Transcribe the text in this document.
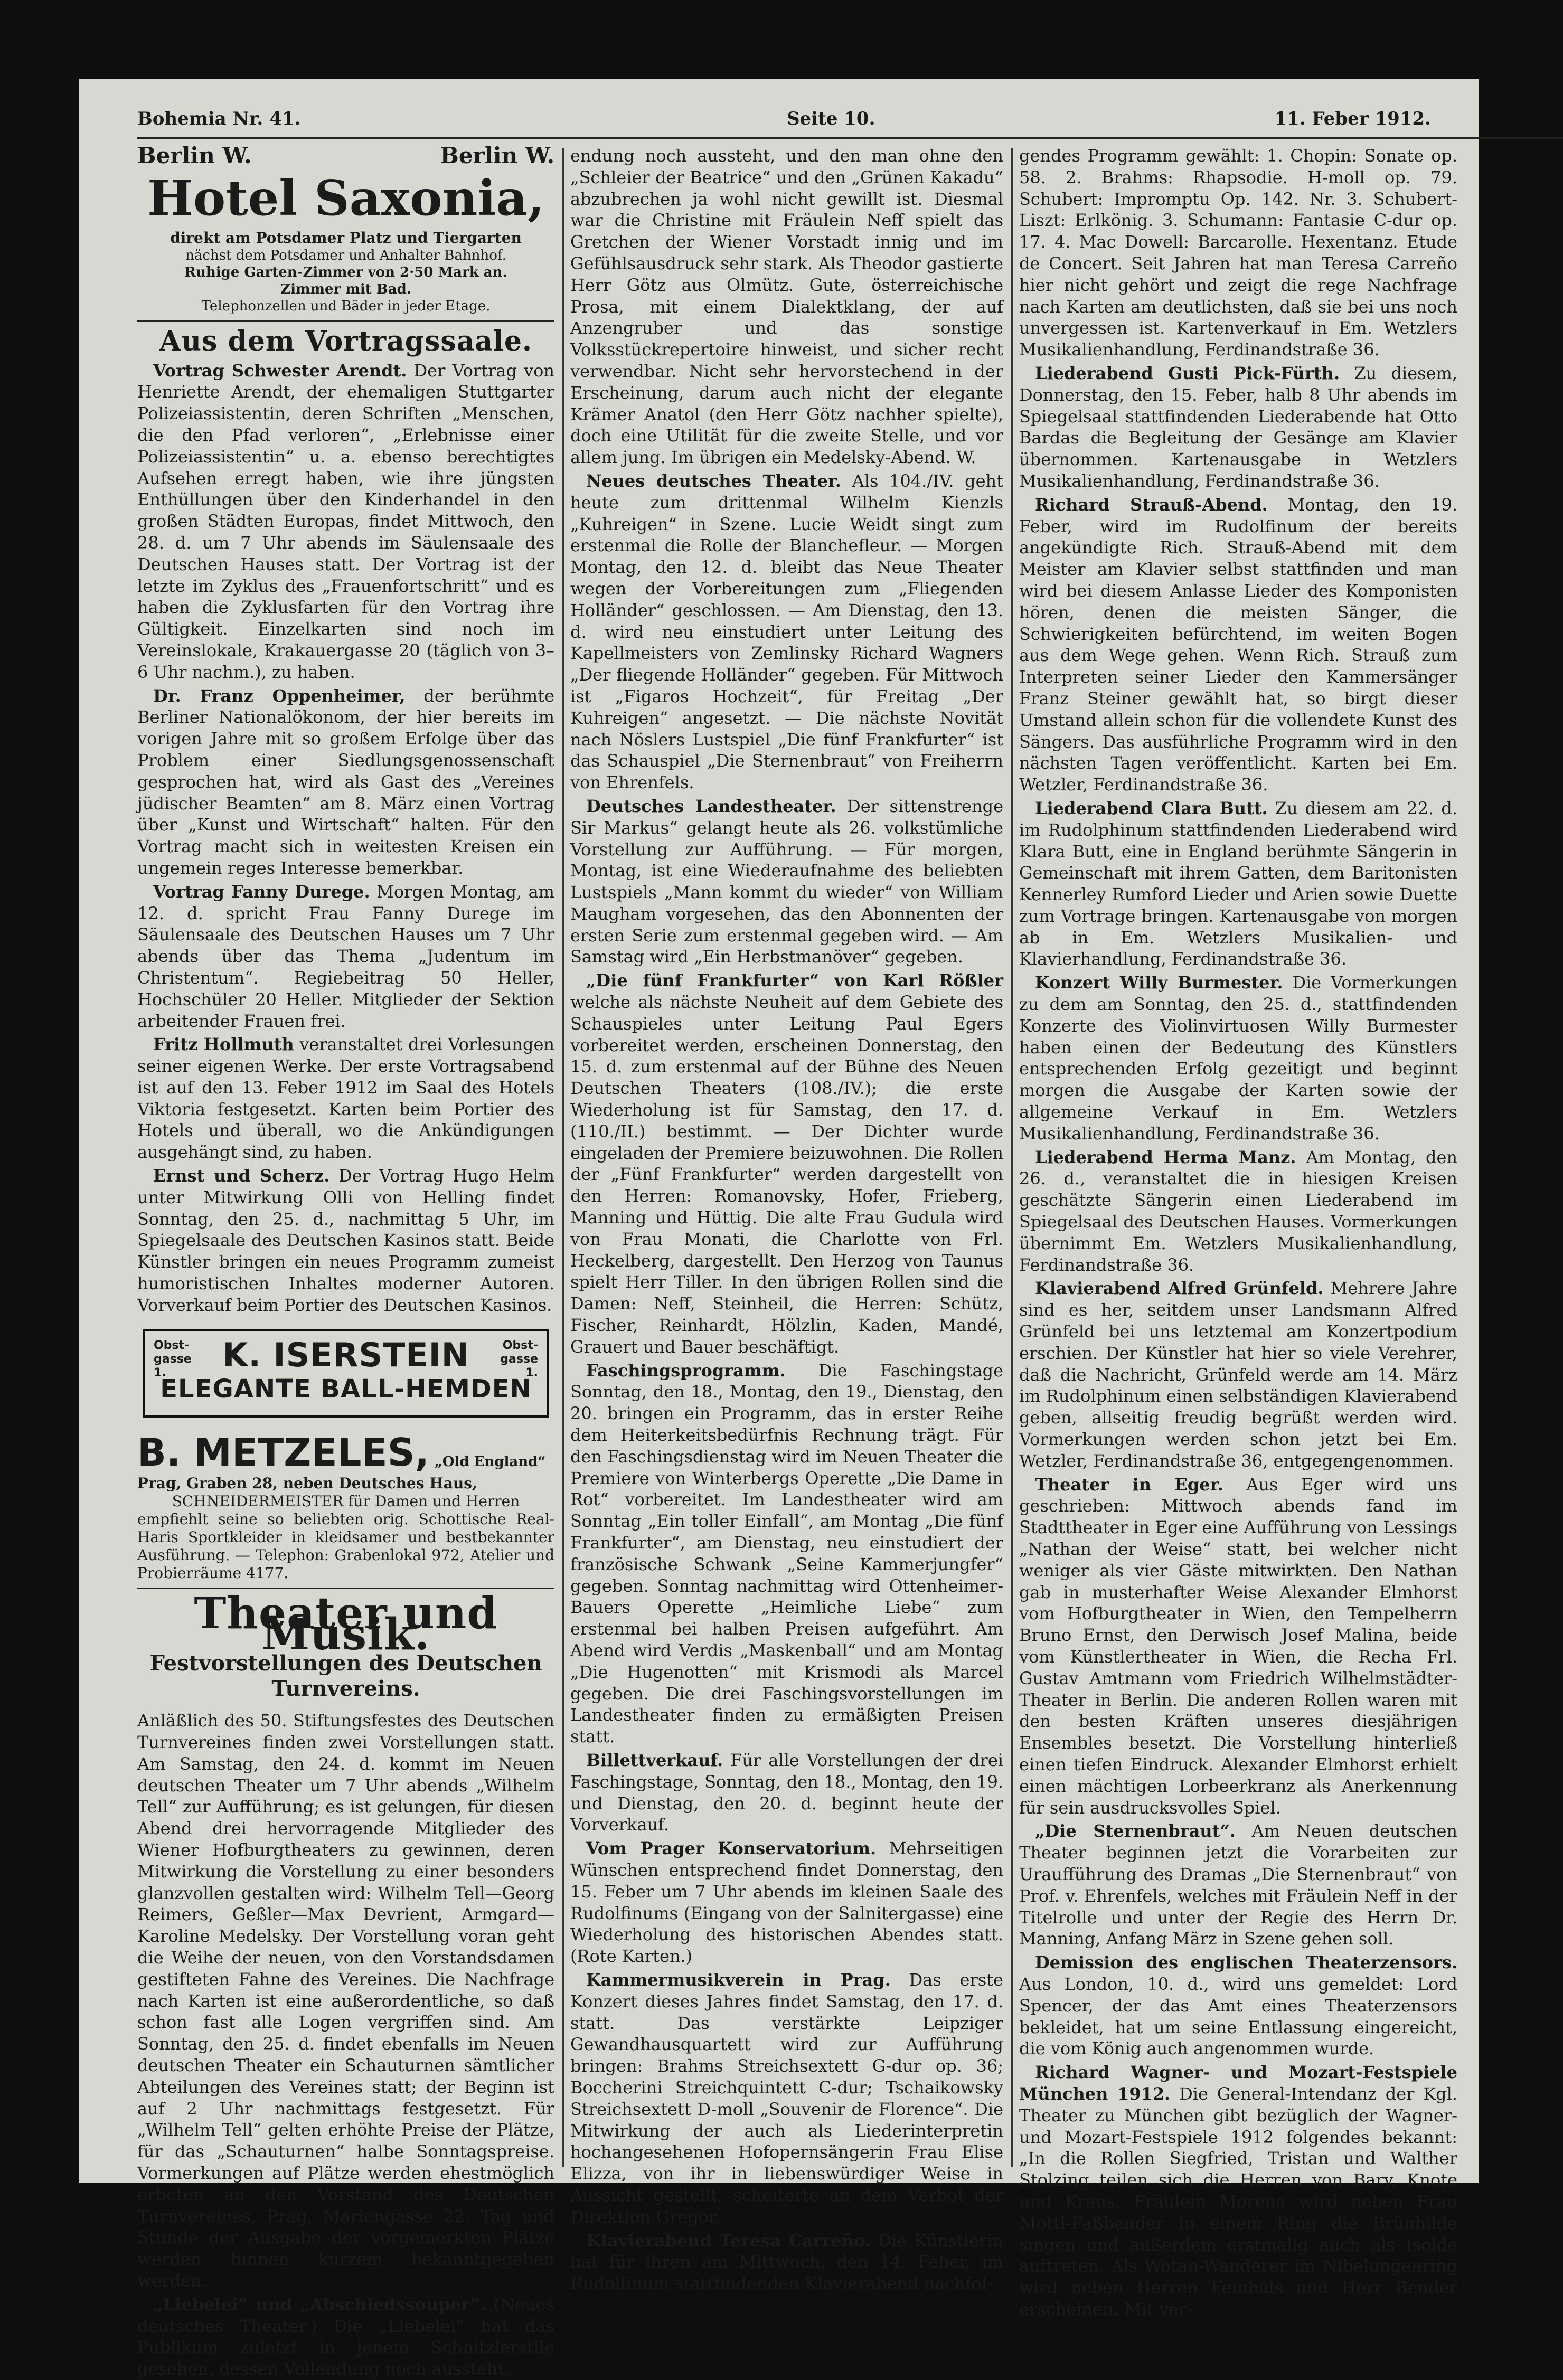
Bohemia Nr. 41.	Seite 10.	11. Feber 1912.
Berlin W.	Berlin W.
Hotel Saxonia,
direkt am Potsdamer Platz und Tiergarten
nächst dem Potsdamer und Anhalter Bahnhof.
Ruhige Garten-Zimmer von 2·50 Mark an.
Zimmer mit Bad.
Telephonzellen und Bäder in jeder Etage.
Aus dem Vortragssaale.

Vortrag Schwester Arendt. Der Vortrag von Henriette Arendt, der ehemaligen Stuttgarter Polizeiassistentin, deren Schriften „Menschen, die den Pfad verloren“, „Erlebnisse einer Polizeiassistentin“ u. a. ebenso berechtigtes Aufsehen erregt haben, wie ihre jüngsten Enthüllungen über den Kinderhandel in den großen Städten Europas, findet Mittwoch, den 28. d. um 7 Uhr abends im Säulensaale des Deutschen Hauses statt. Der Vortrag ist der letzte im Zyklus des „Frauenfortschritt“ und es haben die Zyklusfarten für den Vortrag ihre Gültigkeit. Einzelkarten sind noch im Vereinslokale, Krakauergasse 20 (täglich von 3–6 Uhr nachm.), zu haben.

Dr. Franz Oppenheimer, der berühmte Berliner Nationalökonom, der hier bereits im vorigen Jahre mit so großem Erfolge über das Problem einer Siedlungsgenossenschaft gesprochen hat, wird als Gast des „Vereines jüdischer Beamten“ am 8. März einen Vortrag über „Kunst und Wirtschaft“ halten. Für den Vortrag macht sich in weitesten Kreisen ein ungemein reges Interesse bemerkbar.

Vortrag Fanny Durege. Morgen Montag, am 12. d. spricht Frau Fanny Durege im Säulensaale des Deutschen Hauses um 7 Uhr abends über das Thema „Judentum im Christentum“. Regiebeitrag 50 Heller, Hochschüler 20 Heller. Mitglieder der Sektion arbeitender Frauen frei.

Fritz Hollmuth veranstaltet drei Vorlesungen seiner eigenen Werke. Der erste Vortragsabend ist auf den 13. Feber 1912 im Saal des Hotels Viktoria festgesetzt. Karten beim Portier des Hotels und überall, wo die Ankündigungen ausgehängt sind, zu haben.

Ernst und Scherz. Der Vortrag Hugo Helm unter Mitwirkung Olli von Helling findet Sonntag, den 25. d., nachmittag 5 Uhr, im Spiegelsaale des Deutschen Kasinos statt. Beide Künstler bringen ein neues Programm zumeist humoristischen Inhaltes moderner Autoren. Vorverkauf beim Portier des Deutschen Kasinos.

Obst-gasse 1.
Obst-gasse 1.
K. ISERSTEIN
ELEGANTE BALL-HEMDEN
B. METZELES, „Old England“
Prag, Graben 28, neben Deutsches Haus,
SCHNEIDERMEISTER für Damen und Herren
empfiehlt seine so beliebten orig. Schottische Real-Haris Sportkleider in kleidsamer und bestbekannter Ausführung. — Telephon: Grabenlokal 972, Atelier und Probierräume 4177.
Theater und Musik.
Festvorstellungen des Deutschen Turnvereins.

Anläßlich des 50. Stiftungsfestes des Deutschen Turnvereines finden zwei Vorstellungen statt. Am Samstag, den 24. d. kommt im Neuen deutschen Theater um 7 Uhr abends „Wilhelm Tell“ zur Aufführung; es ist gelungen, für diesen Abend drei hervorragende Mitglieder des Wiener Hofburgtheaters zu gewinnen, deren Mitwirkung die Vorstellung zu einer besonders glanzvollen gestalten wird: Wilhelm Tell—Georg Reimers, Geßler—Max Devrient, Armgard—Karoline Medelsky. Der Vorstellung voran geht die Weihe der neuen, von den Vorstandsdamen gestifteten Fahne des Vereines. Die Nachfrage nach Karten ist eine außerordentliche, so daß schon fast alle Logen vergriffen sind. Am Sonntag, den 25. d. findet ebenfalls im Neuen deutschen Theater ein Schauturnen sämtlicher Abteilungen des Vereines statt; der Beginn ist auf 2 Uhr nachmittags festgesetzt. Für „Wilhelm Tell“ gelten erhöhte Preise der Plätze, für das „Schauturnen“ halbe Sonntagspreise. Vormerkungen auf Plätze werden ehestmöglich erbeten an den Vorstand des Deutschen Turnvereines, Prag, Mariengasse 22. Tag und Stunde der Ausgabe der vorgemerkten Plätze werden binnen kurzem bekanntgegeben werden.

„Liebelei“ und „Abschiedssouper“. (Neues deutsches Theater.) Die „Liebelei“ hat das Publikum zuletzt in jenem Schnitzlerstile gesehen, dessen Vollendung noch aussteht,

endung noch aussteht, und den man ohne den „Schleier der Beatrice“ und den „Grünen Kakadu“ abzubrechen ja wohl nicht gewillt ist. Diesmal war die Christine mit Fräulein Neff spielt das Gretchen der Wiener Vorstadt innig und im Gefühlsausdruck sehr stark. Als Theodor gastierte Herr Götz aus Olmütz. Gute, österreichische Prosa, mit einem Dialektklang, der auf Anzengruber und das sonstige Volksstückrepertoire hinweist, und sicher recht verwendbar. Nicht sehr hervorstechend in der Erscheinung, darum auch nicht der elegante Krämer Anatol (den Herr Götz nachher spielte), doch eine Utilität für die zweite Stelle, und vor allem jung. Im übrigen ein Medelsky-Abend. W.

Neues deutsches Theater. Als 104./IV. geht heute zum drittenmal Wilhelm Kienzls „Kuhreigen“ in Szene. Lucie Weidt singt zum erstenmal die Rolle der Blanchefleur. — Morgen Montag, den 12. d. bleibt das Neue Theater wegen der Vorbereitungen zum „Fliegenden Holländer“ geschlossen. — Am Dienstag, den 13. d. wird neu einstudiert unter Leitung des Kapellmeisters von Zemlinsky Richard Wagners „Der fliegende Holländer“ gegeben. Für Mittwoch ist „Figaros Hochzeit“, für Freitag „Der Kuhreigen“ angesetzt. — Die nächste Novität nach Nöslers Lustspiel „Die fünf Frankfurter“ ist das Schauspiel „Die Sternenbraut“ von Freiherrn von Ehrenfels.

Deutsches Landestheater. Der sittenstrenge Sir Markus“ gelangt heute als 26. volkstümliche Vorstellung zur Aufführung. — Für morgen, Montag, ist eine Wiederaufnahme des beliebten Lustspiels „Mann kommt du wieder“ von William Maugham vorgesehen, das den Abonnenten der ersten Serie zum erstenmal gegeben wird. — Am Samstag wird „Ein Herbstmanöver“ gegeben.

„Die fünf Frankfurter“ von Karl Rößler welche als nächste Neuheit auf dem Gebiete des Schauspieles unter Leitung Paul Egers vorbereitet werden, erscheinen Donnerstag, den 15. d. zum erstenmal auf der Bühne des Neuen Deutschen Theaters (108./IV.); die erste Wiederholung ist für Samstag, den 17. d. (110./II.) bestimmt. — Der Dichter wurde eingeladen der Premiere beizuwohnen. Die Rollen der „Fünf Frankfurter“ werden dargestellt von den Herren: Romanovsky, Hofer, Frieberg, Manning und Hüttig. Die alte Frau Gudula wird von Frau Monati, die Charlotte von Frl. Heckelberg, dargestellt. Den Herzog von Taunus spielt Herr Tiller. In den übrigen Rollen sind die Damen: Neff, Steinheil, die Herren: Schütz, Fischer, Reinhardt, Hölzlin, Kaden, Mandé, Grauert und Bauer beschäftigt.

Faschingsprogramm. Die Faschingstage Sonntag, den 18., Montag, den 19., Dienstag, den 20. bringen ein Programm, das in erster Reihe dem Heiterkeitsbedürfnis Rechnung trägt. Für den Faschingsdienstag wird im Neuen Theater die Premiere von Winterbergs Operette „Die Dame in Rot“ vorbereitet. Im Landestheater wird am Sonntag „Ein toller Einfall“, am Montag „Die fünf Frankfurter“, am Dienstag, neu einstudiert der französische Schwank „Seine Kammerjungfer“ gegeben. Sonntag nachmittag wird Ottenheimer-Bauers Operette „Heimliche Liebe“ zum erstenmal bei halben Preisen aufgeführt. Am Abend wird Verdis „Maskenball“ und am Montag „Die Hugenotten“ mit Krismodi als Marcel gegeben. Die drei Faschingsvorstellungen im Landestheater finden zu ermäßigten Preisen statt.

Billettverkauf. Für alle Vorstellungen der drei Faschingstage, Sonntag, den 18., Montag, den 19. und Dienstag, den 20. d. beginnt heute der Vorverkauf.

Vom Prager Konservatorium. Mehrseitigen Wünschen entsprechend findet Donnerstag, den 15. Feber um 7 Uhr abends im kleinen Saale des Rudolfinums (Eingang von der Salnitergasse) eine Wiederholung des historischen Abendes statt. (Rote Karten.)

Kammermusikverein in Prag. Das erste Konzert dieses Jahres findet Samstag, den 17. d. statt. Das verstärkte Leipziger Gewandhausquartett wird zur Aufführung bringen: Brahms Streichsextett G-dur op. 36; Boccherini Streichquintett C-dur; Tschaikowsky Streichsextett D-moll „Souvenir de Florence“. Die Mitwirkung der auch als Liederinterpretin hochangesehenen Hofopernsängerin Frau Elise Elizza, von ihr in liebenswürdiger Weise in Aussicht gestellt, scheiterte an dem Verbot der Direktion Gregor.

Klavierabend Teresa Carreño. Die Künstlerin hat für ihren am Mittwoch, den 14. Feber, im Rudolfinum stattfindenden Klavierabend nachfol-

gendes Programm gewählt: 1. Chopin: Sonate op. 58. 2. Brahms: Rhapsodie. H-moll op. 79. Schubert: Impromptu Op. 142. Nr. 3. Schubert-Liszt: Erlkönig. 3. Schumann: Fantasie C-dur op. 17. 4. Mac Dowell: Barcarolle. Hexentanz. Etude de Concert. Seit Jahren hat man Teresa Carreño hier nicht gehört und zeigt die rege Nachfrage nach Karten am deutlichsten, daß sie bei uns noch unvergessen ist. Kartenverkauf in Em. Wetzlers Musikalienhandlung, Ferdinandstraße 36.

Liederabend Gusti Pick-Fürth. Zu diesem, Donnerstag, den 15. Feber, halb 8 Uhr abends im Spiegelsaal stattfindenden Liederabende hat Otto Bardas die Begleitung der Gesänge am Klavier übernommen. Kartenausgabe in Wetzlers Musikalienhandlung, Ferdinandstraße 36.

Richard Strauß-Abend. Montag, den 19. Feber, wird im Rudolfinum der bereits angekündigte Rich. Strauß-Abend mit dem Meister am Klavier selbst stattfinden und man wird bei diesem Anlasse Lieder des Komponisten hören, denen die meisten Sänger, die Schwierigkeiten befürchtend, im weiten Bogen aus dem Wege gehen. Wenn Rich. Strauß zum Interpreten seiner Lieder den Kammersänger Franz Steiner gewählt hat, so birgt dieser Umstand allein schon für die vollendete Kunst des Sängers. Das ausführliche Programm wird in den nächsten Tagen veröffentlicht. Karten bei Em. Wetzler, Ferdinandstraße 36.

Liederabend Clara Butt. Zu diesem am 22. d. im Rudolphinum stattfindenden Liederabend wird Klara Butt, eine in England berühmte Sängerin in Gemeinschaft mit ihrem Gatten, dem Baritonisten Kennerley Rumford Lieder und Arien sowie Duette zum Vortrage bringen. Kartenausgabe von morgen ab in Em. Wetzlers Musikalien- und Klavierhandlung, Ferdinandstraße 36.

Konzert Willy Burmester. Die Vormerkungen zu dem am Sonntag, den 25. d., stattfindenden Konzerte des Violinvirtuosen Willy Burmester haben einen der Bedeutung des Künstlers entsprechenden Erfolg gezeitigt und beginnt morgen die Ausgabe der Karten sowie der allgemeine Verkauf in Em. Wetzlers Musikalienhandlung, Ferdinandstraße 36.

Liederabend Herma Manz. Am Montag, den 26. d., veranstaltet die in hiesigen Kreisen geschätzte Sängerin einen Liederabend im Spiegelsaal des Deutschen Hauses. Vormerkungen übernimmt Em. Wetzlers Musikalienhandlung, Ferdinandstraße 36.

Klavierabend Alfred Grünfeld. Mehrere Jahre sind es her, seitdem unser Landsmann Alfred Grünfeld bei uns letztemal am Konzertpodium erschien. Der Künstler hat hier so viele Verehrer, daß die Nachricht, Grünfeld werde am 14. März im Rudolphinum einen selbständigen Klavierabend geben, allseitig freudig begrüßt werden wird. Vormerkungen werden schon jetzt bei Em. Wetzler, Ferdinandstraße 36, entgegengenommen.

Theater in Eger. Aus Eger wird uns geschrieben: Mittwoch abends fand im Stadttheater in Eger eine Aufführung von Lessings „Nathan der Weise“ statt, bei welcher nicht weniger als vier Gäste mitwirkten. Den Nathan gab in musterhafter Weise Alexander Elmhorst vom Hofburgtheater in Wien, den Tempelherrn Bruno Ernst, den Derwisch Josef Malina, beide vom Künstlertheater in Wien, die Recha Frl. Gustav Amtmann vom Friedrich Wilhelmstädter-Theater in Berlin. Die anderen Rollen waren mit den besten Kräften unseres diesjährigen Ensembles besetzt. Die Vorstellung hinterließ einen tiefen Eindruck. Alexander Elmhorst erhielt einen mächtigen Lorbeerkranz als Anerkennung für sein ausdrucksvolles Spiel.

„Die Sternenbraut“. Am Neuen deutschen Theater beginnen jetzt die Vorarbeiten zur Uraufführung des Dramas „Die Sternenbraut“ von Prof. v. Ehrenfels, welches mit Fräulein Neff in der Titelrolle und unter der Regie des Herrn Dr. Manning, Anfang März in Szene gehen soll.

Demission des englischen Theaterzensors. Aus London, 10. d., wird uns gemeldet: Lord Spencer, der das Amt eines Theaterzensors bekleidet, hat um seine Entlassung eingereicht, die vom König auch angenommen wurde.

Richard Wagner- und Mozart-Festspiele München 1912. Die General-Intendanz der Kgl. Theater zu München gibt bezüglich der Wagner- und Mozart-Festspiele 1912 folgendes bekannt: „In die Rollen Siegfried, Tristan und Walther Stolzing teilen sich die Herren von Bary, Knote und Kraus. Fräulein Morena wird neben Frau Mottl-Faßbender in einem Ring die Brünhilde singen und außerdem erstmalig auch als Isolde auftreten. Als Wotan-Wanderer im Nibelungenring wird neben Herren Feinhals und Herr Bender erscheinen. Mit ver-
